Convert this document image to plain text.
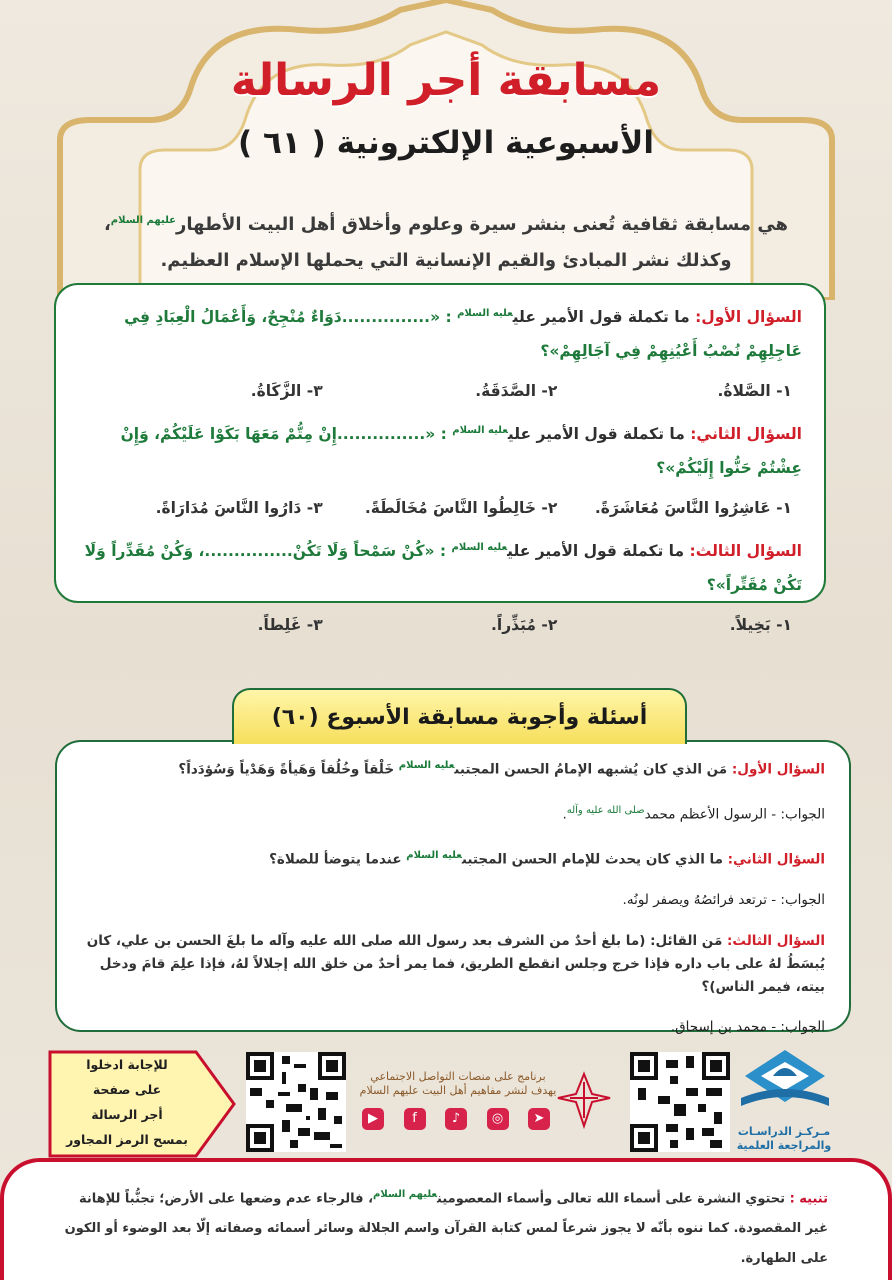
مسابقة أجر الرسالة
الأسبوعية الإلكترونية ( ٦١ )
هي مسابقة ثقافية تُعنى بنشر سيرة وعلوم وأخلاق أهل البيت الأطهار$^{عليهم السلام}$،
وكذلك نشر المبادئ والقيم الإنسانية التي يحملها الإسلام العظيم.
السؤال الأول: ما تكملة قول الأمير علي$^{عليه السلام}$ : «...............دَوَاءٌ مُنْجِحٌ، وَأَعْمَالُ الْعِبَادِ فِي عَاجِلِهِمْ نُصْبُ أَعْيُنِهِمْ فِي آجَالِهِمْ»؟
١- الصَّلاةُ.
٢- الصَّدَقَةُ.
٣- الزَّكَاةُ.
السؤال الثاني: ما تكملة قول الأمير علي$^{عليه السلام}$ : «...............إِنْ مِتُّمْ مَعَهَا بَكَوْا عَلَيْكُمْ، وَإِنْ عِشْتُمْ حَنُّوا إِلَيْكُمْ»؟
١- عَاشِرُوا النَّاسَ مُعَاشَرَةً.
٢- خَالِطُوا النَّاسَ مُخَالَطَةً.
٣- دَارُوا النَّاسَ مُدَارَاةً.
السؤال الثالث: ما تكملة قول الأمير علي$^{عليه السلام}$ : «كُنْ سَمْحاً وَلَا تَكُنْ...............، وَكُنْ مُقَدِّراً وَلَا تَكُنْ مُقَتِّراً»؟
١- بَخِيلاً.
٢- مُبَذِّراً.
٣- غَلِطاً.

السؤال الأول: مَن الذي كان يُشبهه الإمامُ الحسن المجتبى$^{عليه السلام}$ خَلْقاً وخُلُقاً وَهَيأةً وَهَدْياً وَسُؤدَداً؟

الجواب: - الرسول الأعظم محمد$^{صلى الله عليه وآله}$.

السؤال الثاني: ما الذي كان يحدث للإمام الحسن المجتبى$^{عليه السلام}$ عندما يتوضأ للصلاة؟

الجواب: - ترتعد فرائصُهُ ويصفر لونُه.

السؤال الثالث: مَن القائل: (ما بلغ أحدٌ من الشرف بعد رسول الله صلى الله عليه وآله ما بلغَ الحسن بن علي، كان يُبسَطُ لهُ على باب داره فإذا خرج وجلس انقطع الطريق، فما يمر أحدٌ من خلق الله إجلالاً لهُ، فإذا علِمَ قامَ ودخل بيته، فيمر الناس)؟

الجواب: - محمد بن إسحاق.

أسئلة وأجوبة مسابقة الأسبوع (٦٠)
للإجابة ادخلوا
على صفحة
أجر الرسالة
بمسح الرمز المجاور
برنامج على منصات التواصل الاجتماعي
يهدف لنشر مفاهيم أهل البيت عليهم السلام
➤
◎
♪
f
▶
مـركـز الدراسـات
والمراجعة العلمية
تنبيه : تحتوي النشرة على أسماء الله تعالى وأسماء المعصومين$^{عليهم السلام}$، فالرجاء عدم وضعها على الأرض؛ تجنُّباً للإهانة غير المقصودة. كما ننوه بأنّه لا يجوز شرعاً لمس كتابة القرآن واسم الجلالة وسائر أسمائه وصفاته إلّا بعد الوضوء أو الكون على الطهارة.
